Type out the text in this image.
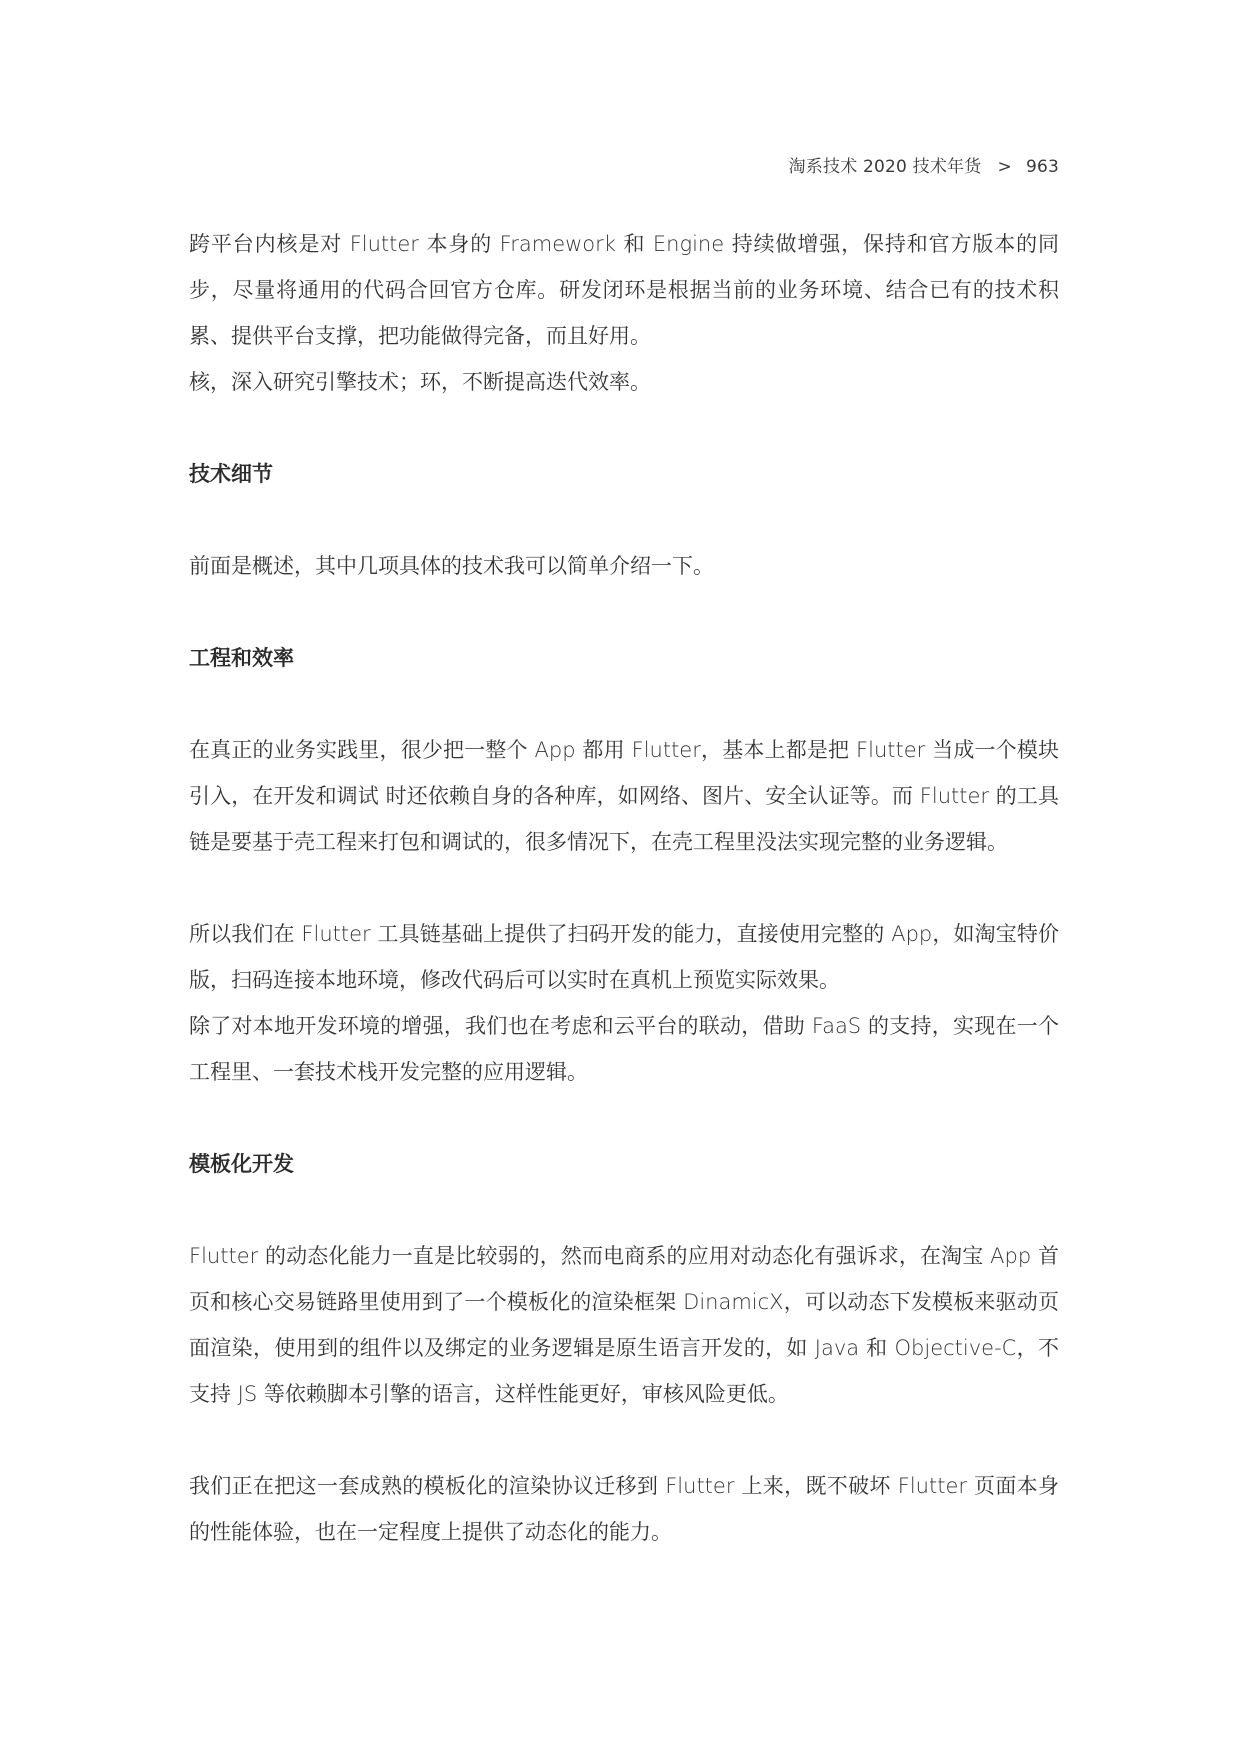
淘系技术 2020 技术年货 > 963

跨平台内核是对 Flutter 本身的 Framework 和 Engine 持续做增强，保持和官方版本的同步，尽量将通用的代码合回官方仓库。研发闭环是根据当前的业务环境、结合已有的技术积累、提供平台支撑，把功能做得完备，而且好用。

核，深入研究引擎技术；环，不断提高迭代效率。

技术细节

前面是概述，其中几项具体的技术我可以简单介绍一下。

工程和效率

在真正的业务实践里，很少把一整个 App 都用 Flutter，基本上都是把 Flutter 当成一个模块引入，在开发和调试 时还依赖自身的各种库，如网络、图片、安全认证等。而 Flutter 的工具链是要基于壳工程来打包和调试的，很多情况下，在壳工程里没法实现完整的业务逻辑。

所以我们在 Flutter 工具链基础上提供了扫码开发的能力，直接使用完整的 App，如淘宝特价版，扫码连接本地环境，修改代码后可以实时在真机上预览实际效果。

除了对本地开发环境的增强，我们也在考虑和云平台的联动，借助 FaaS 的支持，实现在一个工程里、一套技术栈开发完整的应用逻辑。

模板化开发

Flutter 的动态化能力一直是比较弱的，然而电商系的应用对动态化有强诉求，在淘宝 App 首页和核心交易链路里使用到了一个模板化的渲染框架 DinamicX，可以动态下发模板来驱动页面渲染，使用到的组件以及绑定的业务逻辑是原生语言开发的，如 Java 和 Objective-C，不支持 JS 等依赖脚本引擎的语言，这样性能更好，审核风险更低。

我们正在把这一套成熟的模板化的渲染协议迁移到 Flutter 上来，既不破坏 Flutter 页面本身的性能体验，也在一定程度上提供了动态化的能力。
